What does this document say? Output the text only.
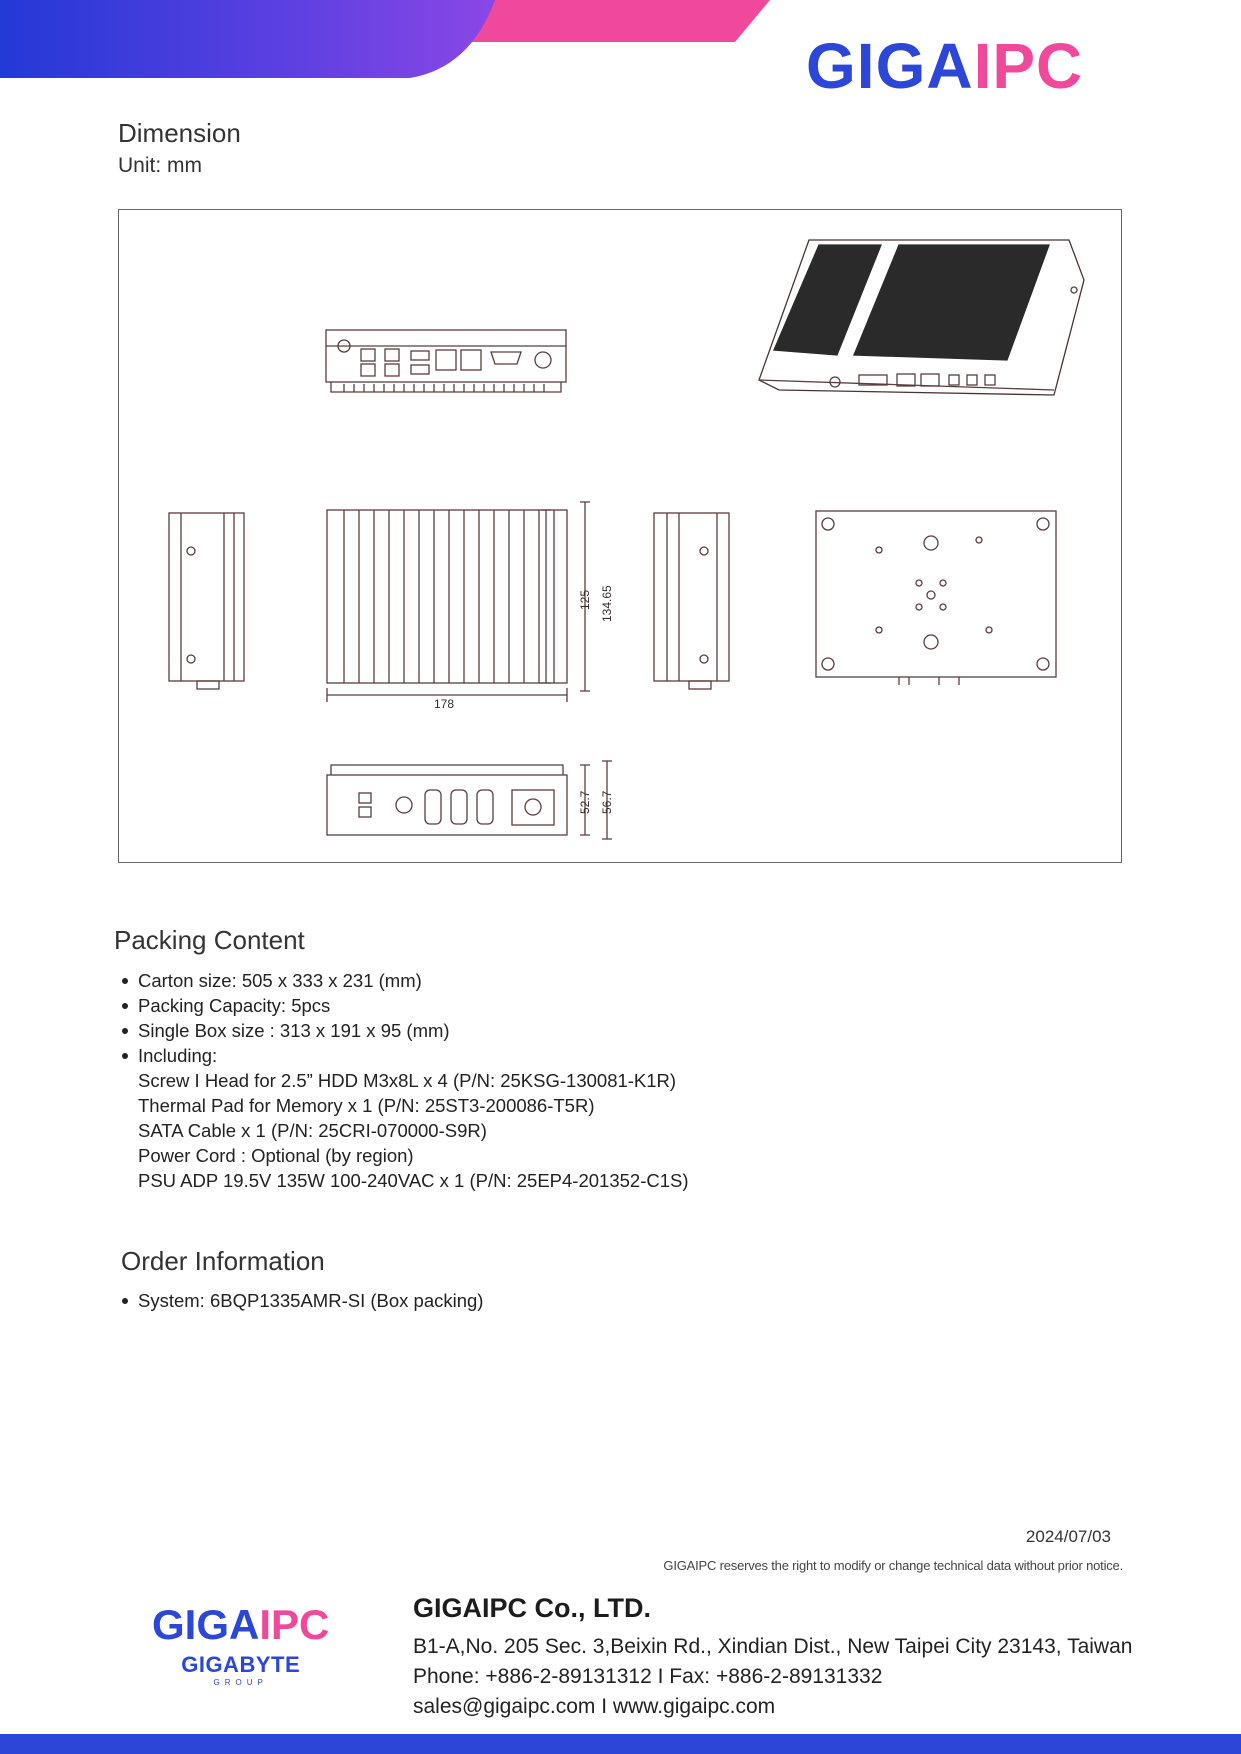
GIGAIPC
Dimension
Unit: mm
178
125 134.65
52.7 56.7
Packing Content
Carton size: 505 x 333 x 231 (mm)
Packing Capacity: 5pcs
Single Box size : 313 x 191 x 95 (mm)
Including:
Screw I Head for 2.5” HDD M3x8L x 4 (P/N: 25KSG-130081-K1R)
Thermal Pad for Memory x 1 (P/N: 25ST3-200086-T5R)
SATA Cable x 1 (P/N: 25CRI-070000-S9R)
Power Cord : Optional (by region)
PSU ADP 19.5V 135W 100-240VAC x 1 (P/N: 25EP4-201352-C1S)
Order Information
System: 6BQP1335AMR-SI (Box packing)
2024/07/03
GIGAIPC reserves the right to modify or change technical data without prior notice.
GIGAIPC
GIGABYTE
GROUP
GIGAIPC Co., LTD.
B1-A,No. 205 Sec. 3,Beixin Rd., Xindian Dist., New Taipei City 23143, Taiwan
Phone: +886-2-89131312 I Fax: +886-2-89131332
sales@gigaipc.com I www.gigaipc.com
